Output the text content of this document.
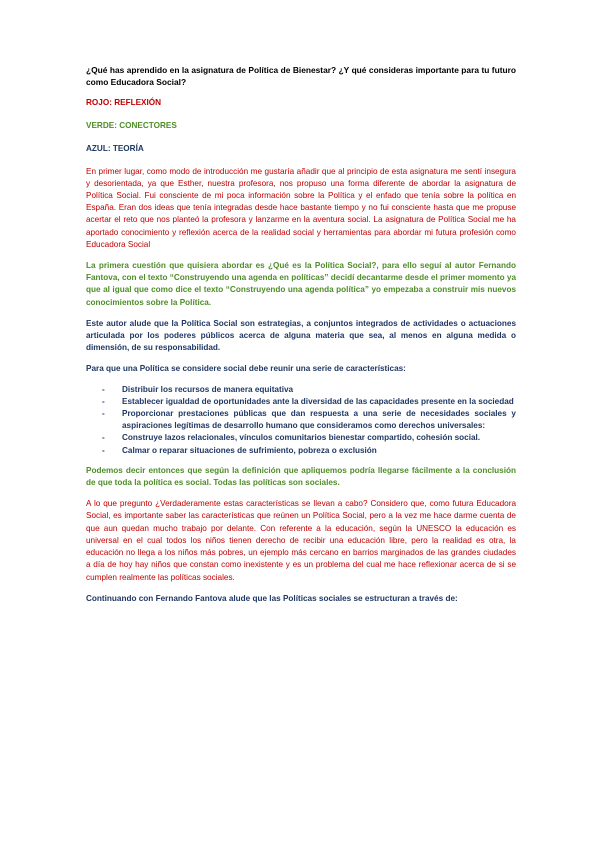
¿Qué has aprendido en la asignatura de Política de Bienestar? ¿Y qué consideras importante para tu futuro como Educadora Social?

ROJO: REFLEXIÓN

VERDE: CONECTORES

AZUL: TEORÍA

En primer lugar, como modo de introducción me gustaría añadir que al principio de esta asignatura me sentí insegura y desorientada, ya que Esther, nuestra profesora, nos propuso una forma diferente de abordar la asignatura de Política Social. Fui consciente de mi poca información sobre la Política y el enfado que tenía sobre la política en España. Eran dos ideas que tenía integradas desde hace bastante tiempo y no fui consciente hasta que me propuse acertar el reto que nos planteó la profesora y lanzarme en la aventura social. La asignatura de Política Social me ha aportado conocimiento y reflexión acerca de la realidad social y herramientas para abordar mi futura profesión como Educadora Social

La primera cuestión que quisiera abordar es ¿Qué es la Política Social?, para ello seguí al autor Fernando Fantova, con el texto “Construyendo una agenda en políticas” decidí decantarme desde el primer momento ya que al igual que como dice el texto “Construyendo una agenda política” yo empezaba a construir mis nuevos conocimientos sobre la Política.

Este autor alude que la Política Social son estrategias, a conjuntos integrados de actividades o actuaciones articulada por los poderes públicos acerca de alguna materia que sea, al menos en alguna medida o dimensión, de su responsabilidad.

Para que una Política se considere social debe reunir una serie de características:

- Distribuir los recursos de manera equitativa
- Establecer igualdad de oportunidades ante la diversidad de las capacidades presente en la sociedad
- Proporcionar prestaciones públicas que dan respuesta a una serie de necesidades sociales y aspiraciones legítimas de desarrollo humano que consideramos como derechos universales:
- Construye lazos relacionales, vínculos comunitarios bienestar compartido, cohesión social.
- Calmar o reparar situaciones de sufrimiento, pobreza o exclusión

Podemos decir entonces que según la definición que apliquemos podría llegarse fácilmente a la conclusión de que toda la política es social. Todas las políticas son sociales.

A lo que pregunto ¿Verdaderamente estas características se llevan a cabo? Considero que, como futura Educadora Social, es importante saber las características que reúnen un Política Social, pero a la vez me hace darme cuenta de que aun quedan mucho trabajo por delante. Con referente a la educación, según la UNESCO la educación es universal en el cual todos los niños tienen derecho de recibir una educación libre, pero la realidad es otra, la educación no llega a los niños más pobres, un ejemplo más cercano en barrios marginados de las grandes ciudades a día de hoy hay niños que constan como inexistente y es un problema del cual me hace reflexionar acerca de si se cumplen realmente las políticas sociales.

Continuando con Fernando Fantova alude que las Políticas sociales se estructuran a través de:
